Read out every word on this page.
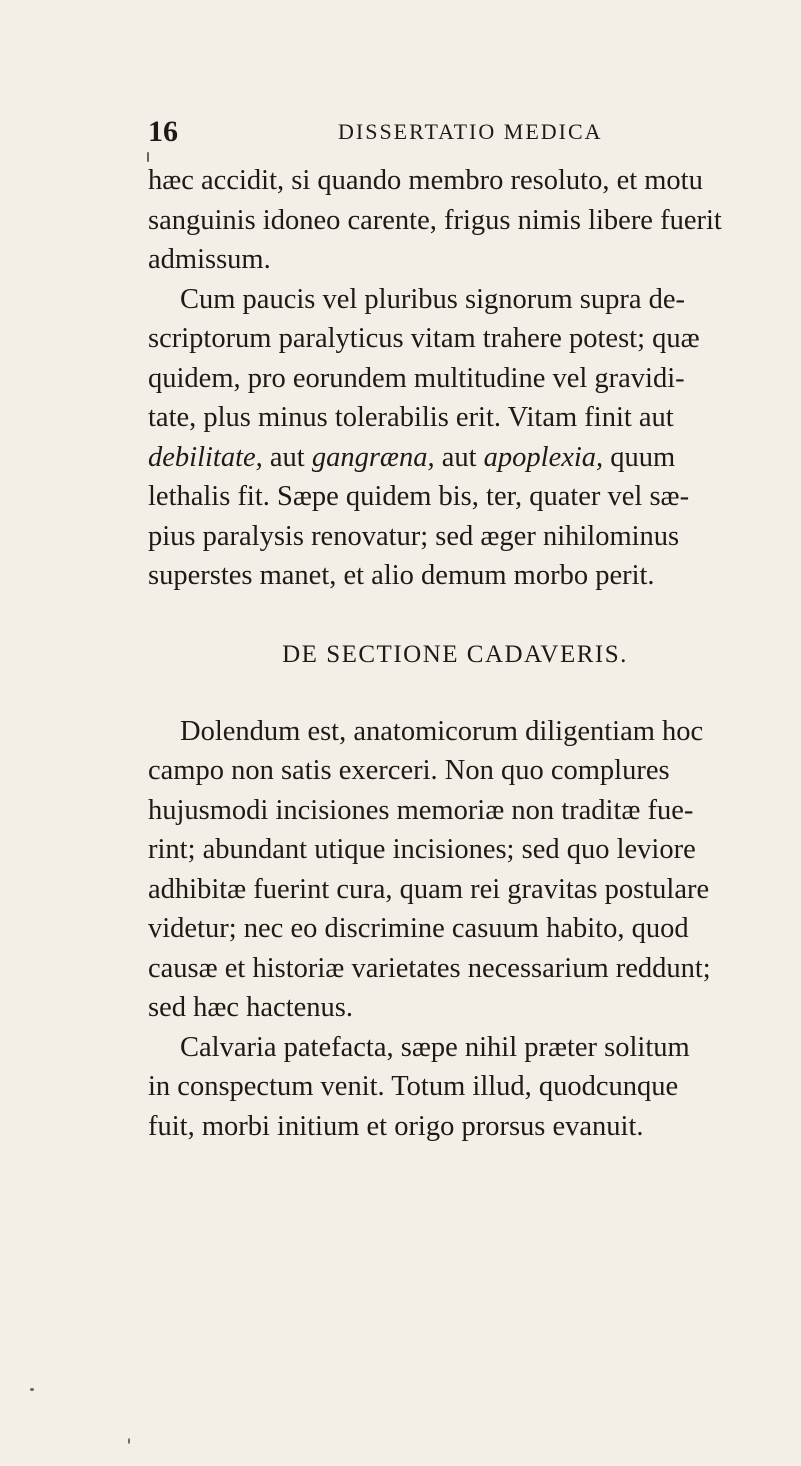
16	DISSERTATIO MEDICA

hæc accidit, si quando membro resoluto, et motu
sanguinis idoneo carente, frigus nimis libere fuerit
admissum.

Cum paucis vel pluribus signorum supra de-
scriptorum paralyticus vitam trahere potest; quæ
quidem, pro eorundem multitudine vel gravidi-
tate, plus minus tolerabilis erit. Vitam finit aut
debilitate, aut gangræna, aut apoplexia, quum
lethalis fit. Sæpe quidem bis, ter, quater vel sæ-
pius paralysis renovatur; sed æger nihilominus
superstes manet, et alio demum morbo perit.

DE SECTIONE CADAVERIS.

Dolendum est, anatomicorum diligentiam hoc
campo non satis exerceri. Non quo complures
hujusmodi incisiones memoriæ non traditæ fue-
rint; abundant utique incisiones; sed quo leviore
adhibitæ fuerint cura, quam rei gravitas postulare
videtur; nec eo discrimine casuum habito, quod
causæ et historiæ varietates necessarium reddunt;
sed hæc hactenus.

Calvaria patefacta, sæpe nihil præter solitum
in conspectum venit. Totum illud, quodcunque
fuit, morbi initium et origo prorsus evanuit.
